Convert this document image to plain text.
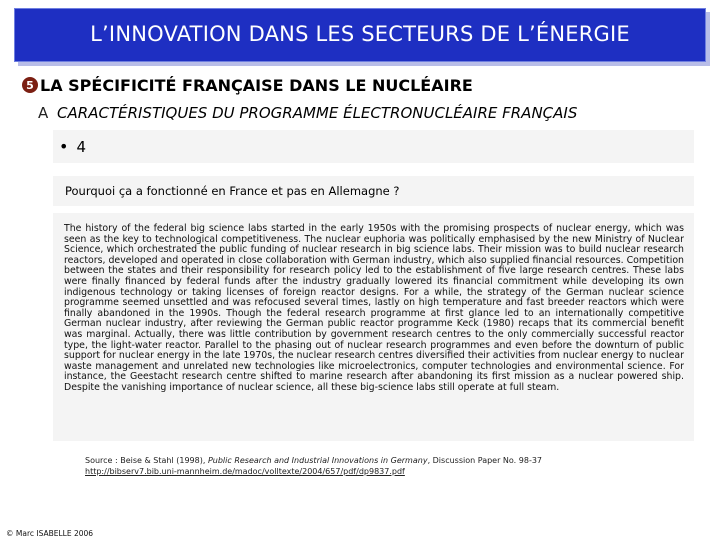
L’INNOVATION DANS LES SECTEURS DE L’ÉNERGIE
5 LA SPÉCIFICITÉ FRANÇAISE DANS LE NUCLÉAIRE
A CARACTÉRISTIQUES DU PROGRAMME ÉLECTRONUCLÉAIRE FRANÇAIS
• 4
Pourquoi ça a fonctionné en France et pas en Allemagne ?

The history of the federal big science labs started in the early 1950s with the promising prospects of nuclear energy, which was seen as the key to technological competitiveness. The nuclear euphoria was politically emphasised by the new Ministry of Nuclear Science, which orchestrated the public funding of nuclear research in big science labs. Their mission was to build nuclear research reactors, developed and operated in close collaboration with German industry, which also supplied financial resources. Competition between the states and their responsibility for research policy led to the establishment of five large research centres. These labs were finally financed by federal funds after the industry gradually lowered its financial commitment while developing its own indigenous technology or taking licenses of foreign reactor designs. For a while, the strategy of the German nuclear science programme seemed unsettled and was refocused several times, lastly on high temperature and fast breeder reactors which were finally abandoned in the 1990s. Though the federal research programme at first glance led to an internationally competitive German nuclear industry, after reviewing the German public reactor programme Keck (1980) recaps that its commercial benefit was marginal. Actually, there was little contribution by government research centres to the only commercially successful reactor type, the light-water reactor. Parallel to the phasing out of nuclear research programmes and even before the downturn of public support for nuclear energy in the late 1970s, the nuclear research centres diversified their activities from nuclear energy to nuclear waste management and unrelated new technologies like microelectronics, computer technologies and environmental science. For instance, the Geestacht research centre shifted to marine research after abandoning its first mission as a nuclear powered ship. Despite the vanishing importance of nuclear science, all these big-science labs still operate at full steam.

Source : Beise & Stahl (1998), Public Research and Industrial Innovations in Germany, Discussion Paper No. 98-37
http://bibserv7.bib.uni-mannheim.de/madoc/volltexte/2004/657/pdf/dp9837.pdf
© Marc ISABELLE 2006
